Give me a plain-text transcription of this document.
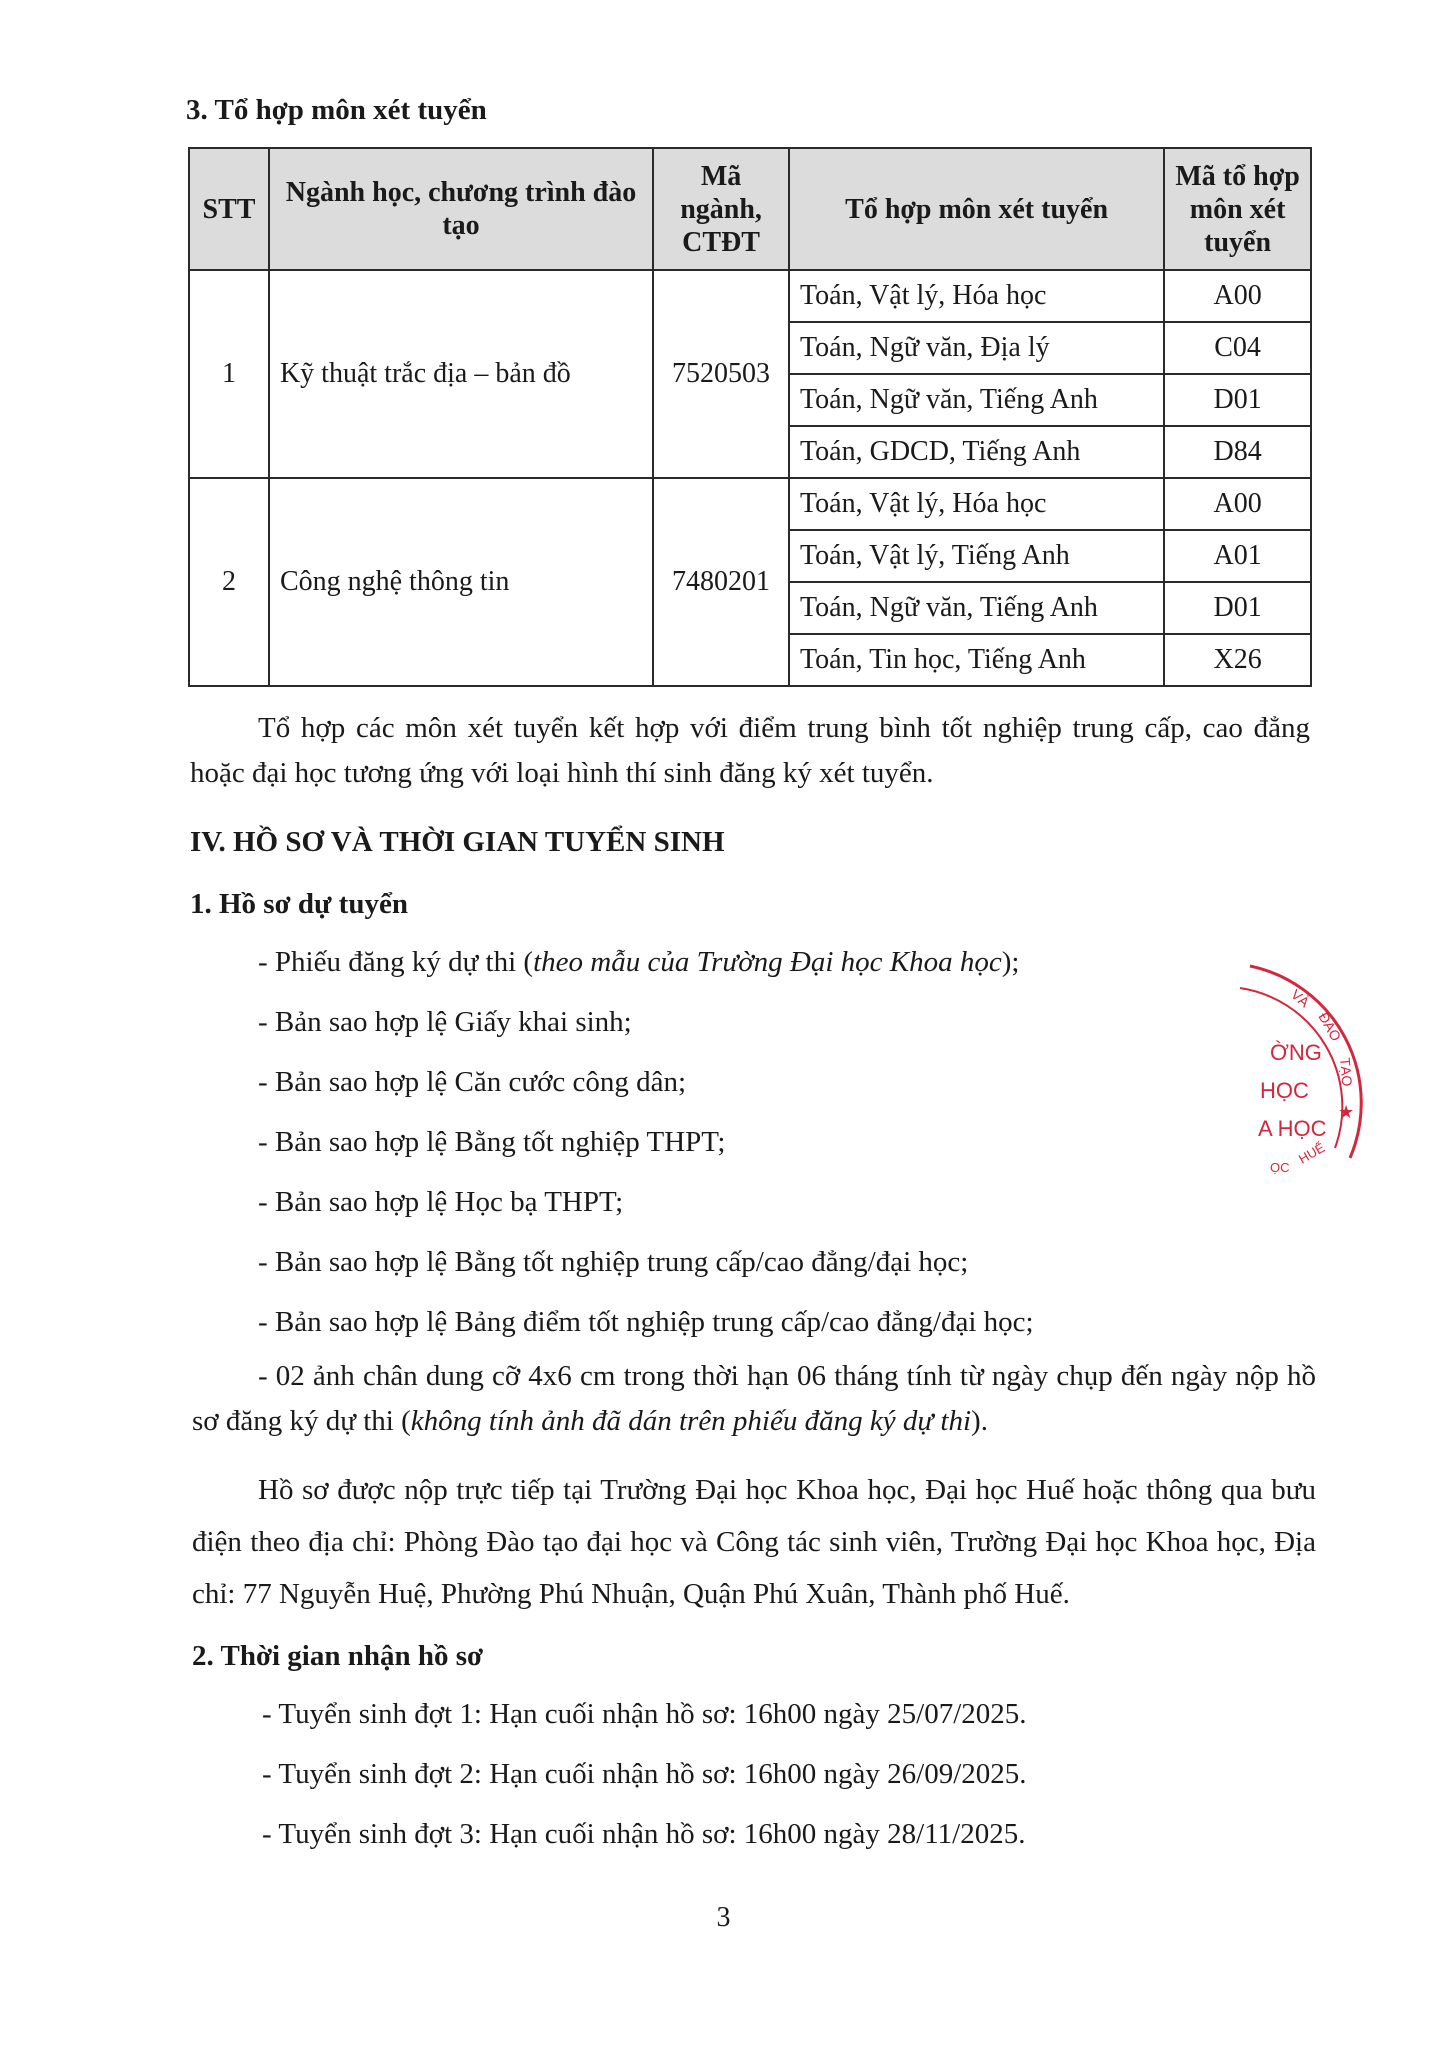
3. Tổ hợp môn xét tuyển
STT	Ngành học, chương trình đào tạo	Mã ngành, CTĐT	Tổ hợp môn xét tuyển	Mã tổ hợp môn xét tuyển
1	Kỹ thuật trắc địa – bản đồ	7520503	Toán, Vật lý, Hóa học	A00
			Toán, Ngữ văn, Địa lý	C04
			Toán, Ngữ văn, Tiếng Anh	D01
			Toán, GDCD, Tiếng Anh	D84
2	Công nghệ thông tin	7480201	Toán, Vật lý, Hóa học	A00
			Toán, Vật lý, Tiếng Anh	A01
			Toán, Ngữ văn, Tiếng Anh	D01
			Toán, Tin học, Tiếng Anh	X26
Tổ hợp các môn xét tuyển kết hợp với điểm trung bình tốt nghiệp trung cấp, cao đẳng hoặc đại học tương ứng với loại hình thí sinh đăng ký xét tuyển.
IV. HỒ SƠ VÀ THỜI GIAN TUYỂN SINH
1. Hồ sơ dự tuyển
- Phiếu đăng ký dự thi (theo mẫu của Trường Đại học Khoa học);
- Bản sao hợp lệ Giấy khai sinh;
- Bản sao hợp lệ Căn cước công dân;
- Bản sao hợp lệ Bằng tốt nghiệp THPT;
- Bản sao hợp lệ Học bạ THPT;
- Bản sao hợp lệ Bằng tốt nghiệp trung cấp/cao đẳng/đại học;
- Bản sao hợp lệ Bảng điểm tốt nghiệp trung cấp/cao đẳng/đại học;
- 02 ảnh chân dung cỡ 4x6 cm trong thời hạn 06 tháng tính từ ngày chụp đến ngày nộp hồ sơ đăng ký dự thi (không tính ảnh đã dán trên phiếu đăng ký dự thi).
Hồ sơ được nộp trực tiếp tại Trường Đại học Khoa học, Đại học Huế hoặc thông qua bưu điện theo địa chỉ: Phòng Đào tạo đại học và Công tác sinh viên, Trường Đại học Khoa học, Địa chỉ: 77 Nguyễn Huệ, Phường Phú Nhuận, Quận Phú Xuân, Thành phố Huế.
2. Thời gian nhận hồ sơ
- Tuyển sinh đợt 1: Hạn cuối nhận hồ sơ: 16h00 ngày 25/07/2025.
- Tuyển sinh đợt 2: Hạn cuối nhận hồ sơ: 16h00 ngày 26/09/2025.
- Tuyển sinh đợt 3: Hạn cuối nhận hồ sơ: 16h00 ngày 28/11/2025.
VÀ
ĐÀO
TẠO
ỜNG
HỌC
A HỌC
★
ỌC
HUẾ
3
